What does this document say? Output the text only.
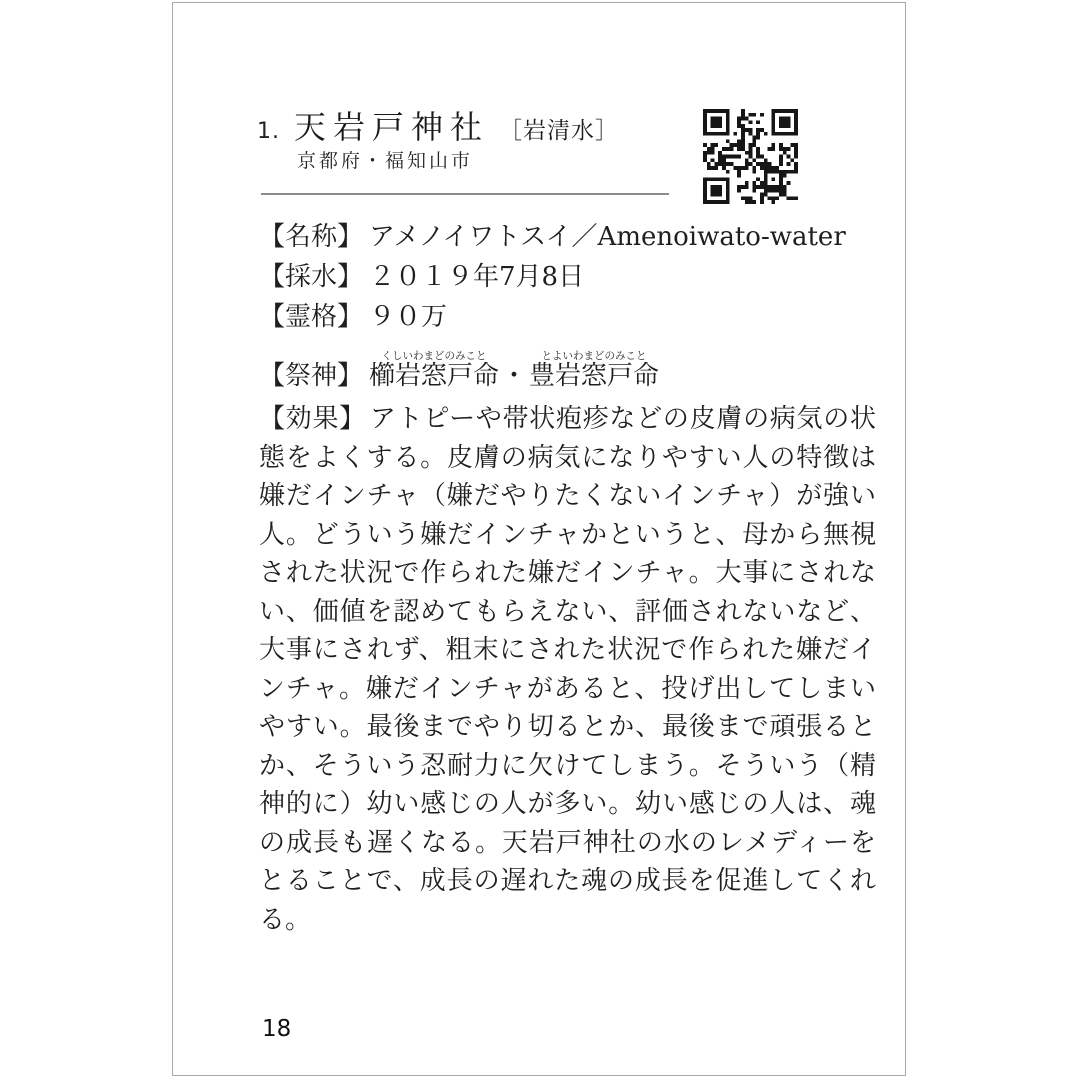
1. 天岩戸神社 ［岩清水］
京都府・福知山市
【名称】 アメノイワトスイ／Amenoiwato-water
【採水】 ２０１９年7月8日
【霊格】 ９０万
【祭神】 櫛岩窓戸命くしいわまどのみこと・豊岩窓戸命とよいわまどのみこと

【効果】 アトピーや帯状疱疹などの皮膚の病気の状態をよくする。皮膚の病気になりやすい人の特徴は嫌だインチャ（嫌だやりたくないインチャ）が強い人。どういう嫌だインチャかというと、母から無視された状況で作られた嫌だインチャ。大事にされない、価値を認めてもらえない、評価されないなど、大事にされず、粗末にされた状況で作られた嫌だインチャ。嫌だインチャがあると、投げ出してしまいやすい。最後までやり切るとか、最後まで頑張るとか、そういう忍耐力に欠けてしまう。そういう（精神的に）幼い感じの人が多い。幼い感じの人は、魂の成長も遅くなる。天岩戸神社の水のレメディーをとることで、成長の遅れた魂の成長を促進してくれる。

18
